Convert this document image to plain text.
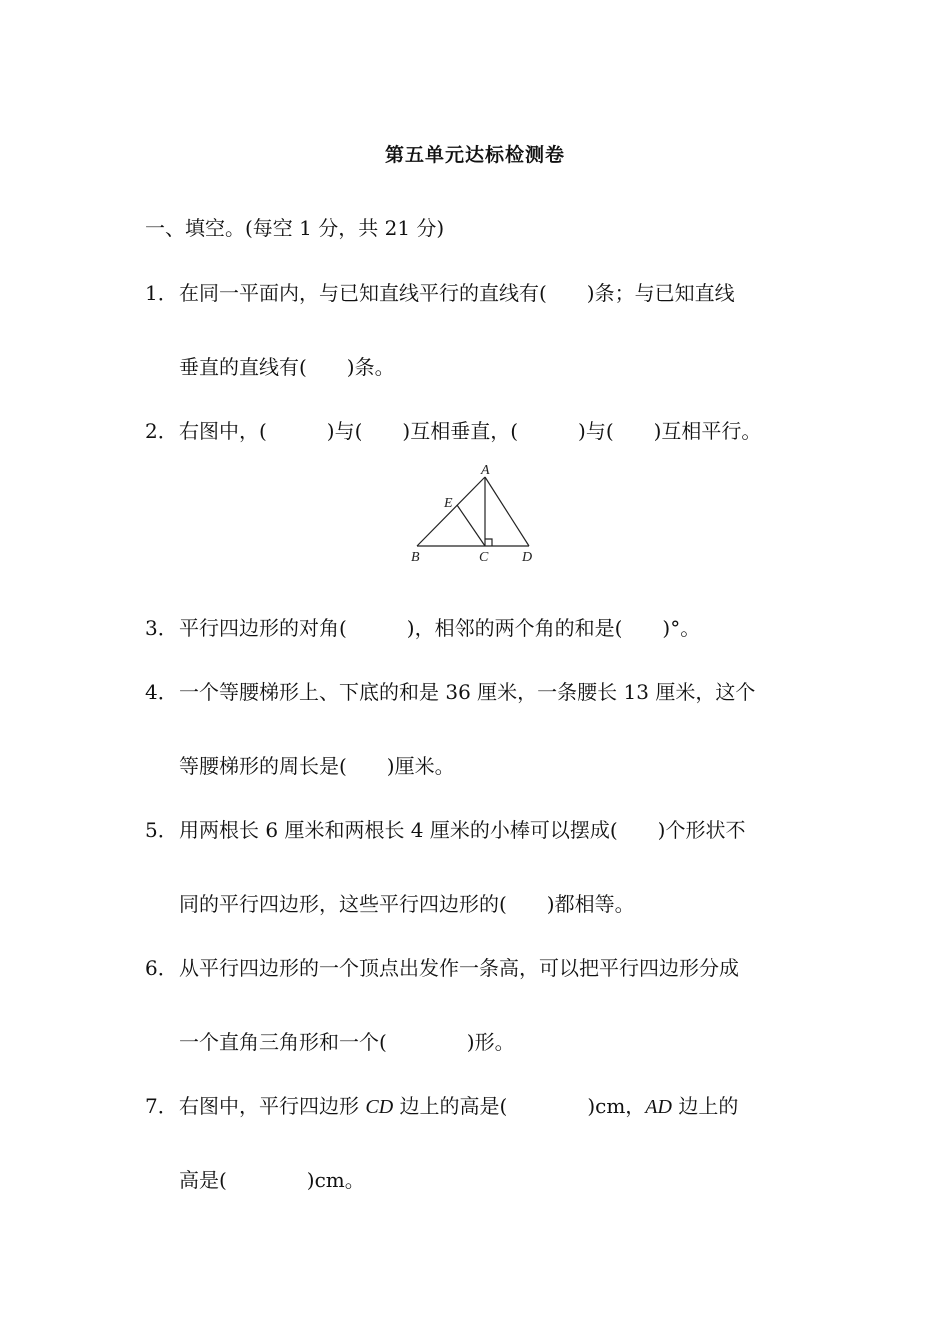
第五单元达标检测卷
一、填空。(每空 1 分，共 21 分)
1．在同一平面内，与已知直线平行的直线有(　　)条；与已知直线
垂直的直线有(　　)条。
2．右图中，(　　　)与(　　)互相垂直，(　　　)与(　　)互相平行。
A
E
B	C D
3．平行四边形的对角(　　　)，相邻的两个角的和是(　　)°。
4．一个等腰梯形上、下底的和是 36 厘米，一条腰长 13 厘米，这个
等腰梯形的周长是(　　)厘米。
5．用两根长 6 厘米和两根长 4 厘米的小棒可以摆成(　　)个形状不
同的平行四边形，这些平行四边形的(　　)都相等。
6．从平行四边形的一个顶点出发作一条高，可以把平行四边形分成
一个直角三角形和一个(　　　　)形。
7．右图中，平行四边形 CD 边上的高是(　　　　)cm，AD 边上的
高是(　　　　)cm。
